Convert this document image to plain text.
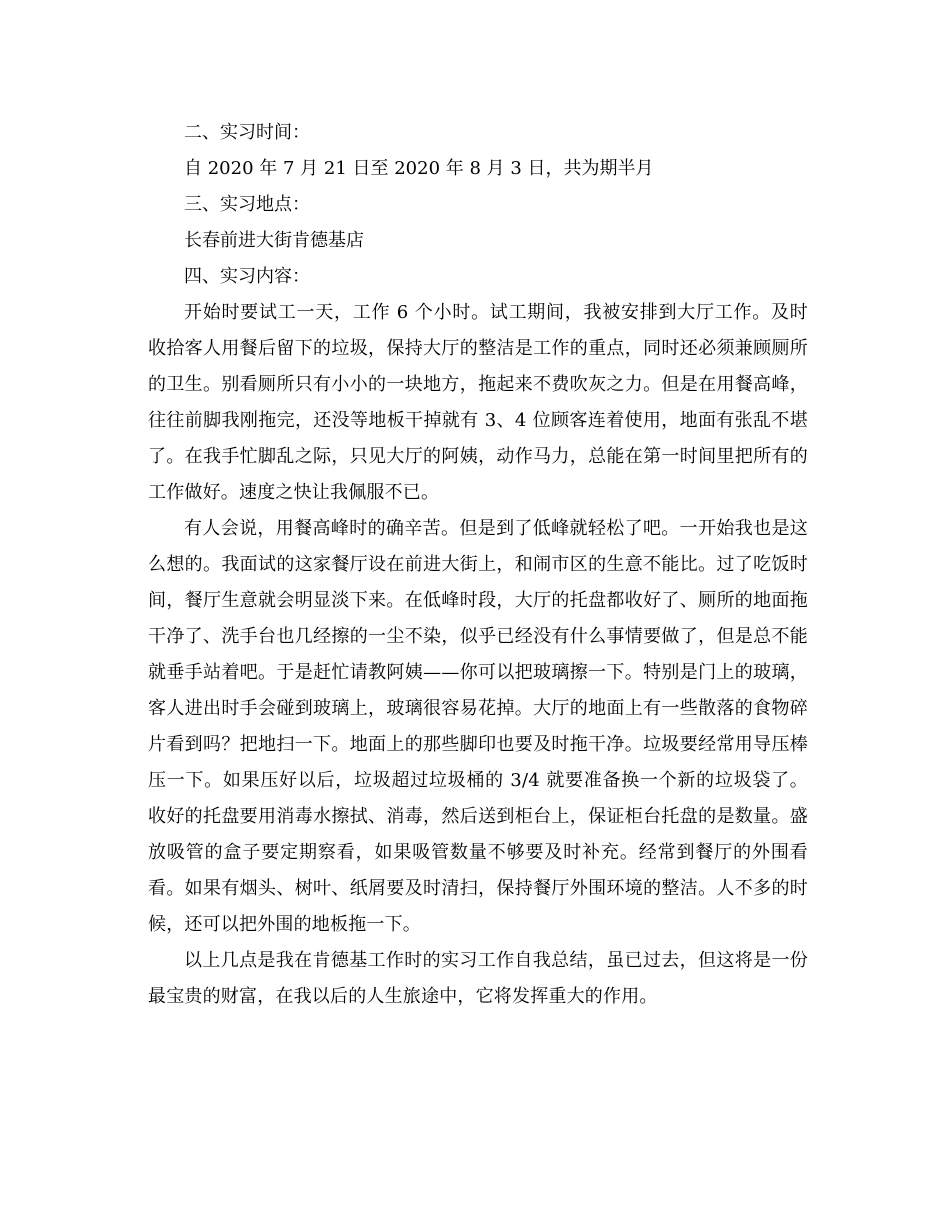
二、实习时间：

自 2020 年 7 月 21 日至 2020 年 8 月 3 日，共为期半月

三、实习地点：

长春前进大街肯德基店

四、实习内容：

开始时要试工一天，工作 6 个小时。试工期间，我被安排到大厅工作。及时收拾客人用餐后留下的垃圾，保持大厅的整洁是工作的重点，同时还必须兼顾厕所的卫生。别看厕所只有小小的一块地方，拖起来不费吹灰之力。但是在用餐高峰，往往前脚我刚拖完，还没等地板干掉就有 3、4 位顾客连着使用，地面有张乱不堪了。在我手忙脚乱之际，只见大厅的阿姨，动作马力，总能在第一时间里把所有的工作做好。速度之快让我佩服不已。

有人会说，用餐高峰时的确辛苦。但是到了低峰就轻松了吧。一开始我也是这么想的。我面试的这家餐厅设在前进大街上，和闹市区的生意不能比。过了吃饭时间，餐厅生意就会明显淡下来。在低峰时段，大厅的托盘都收好了、厕所的地面拖干净了、洗手台也几经擦的一尘不染，似乎已经没有什么事情要做了，但是总不能就垂手站着吧。于是赶忙请教阿姨——你可以把玻璃擦一下。特别是门上的玻璃，客人进出时手会碰到玻璃上，玻璃很容易花掉。大厅的地面上有一些散落的食物碎片看到吗？把地扫一下。地面上的那些脚印也要及时拖干净。垃圾要经常用导压棒压一下。如果压好以后，垃圾超过垃圾桶的 3/4 就要准备换一个新的垃圾袋了。收好的托盘要用消毒水擦拭、消毒，然后送到柜台上，保证柜台托盘的是数量。盛放吸管的盒子要定期察看，如果吸管数量不够要及时补充。经常到餐厅的外围看看。如果有烟头、树叶、纸屑要及时清扫，保持餐厅外围环境的整洁。人不多的时候，还可以把外围的地板拖一下。

以上几点是我在肯德基工作时的实习工作自我总结，虽已过去，但这将是一份最宝贵的财富，在我以后的人生旅途中，它将发挥重大的作用。
